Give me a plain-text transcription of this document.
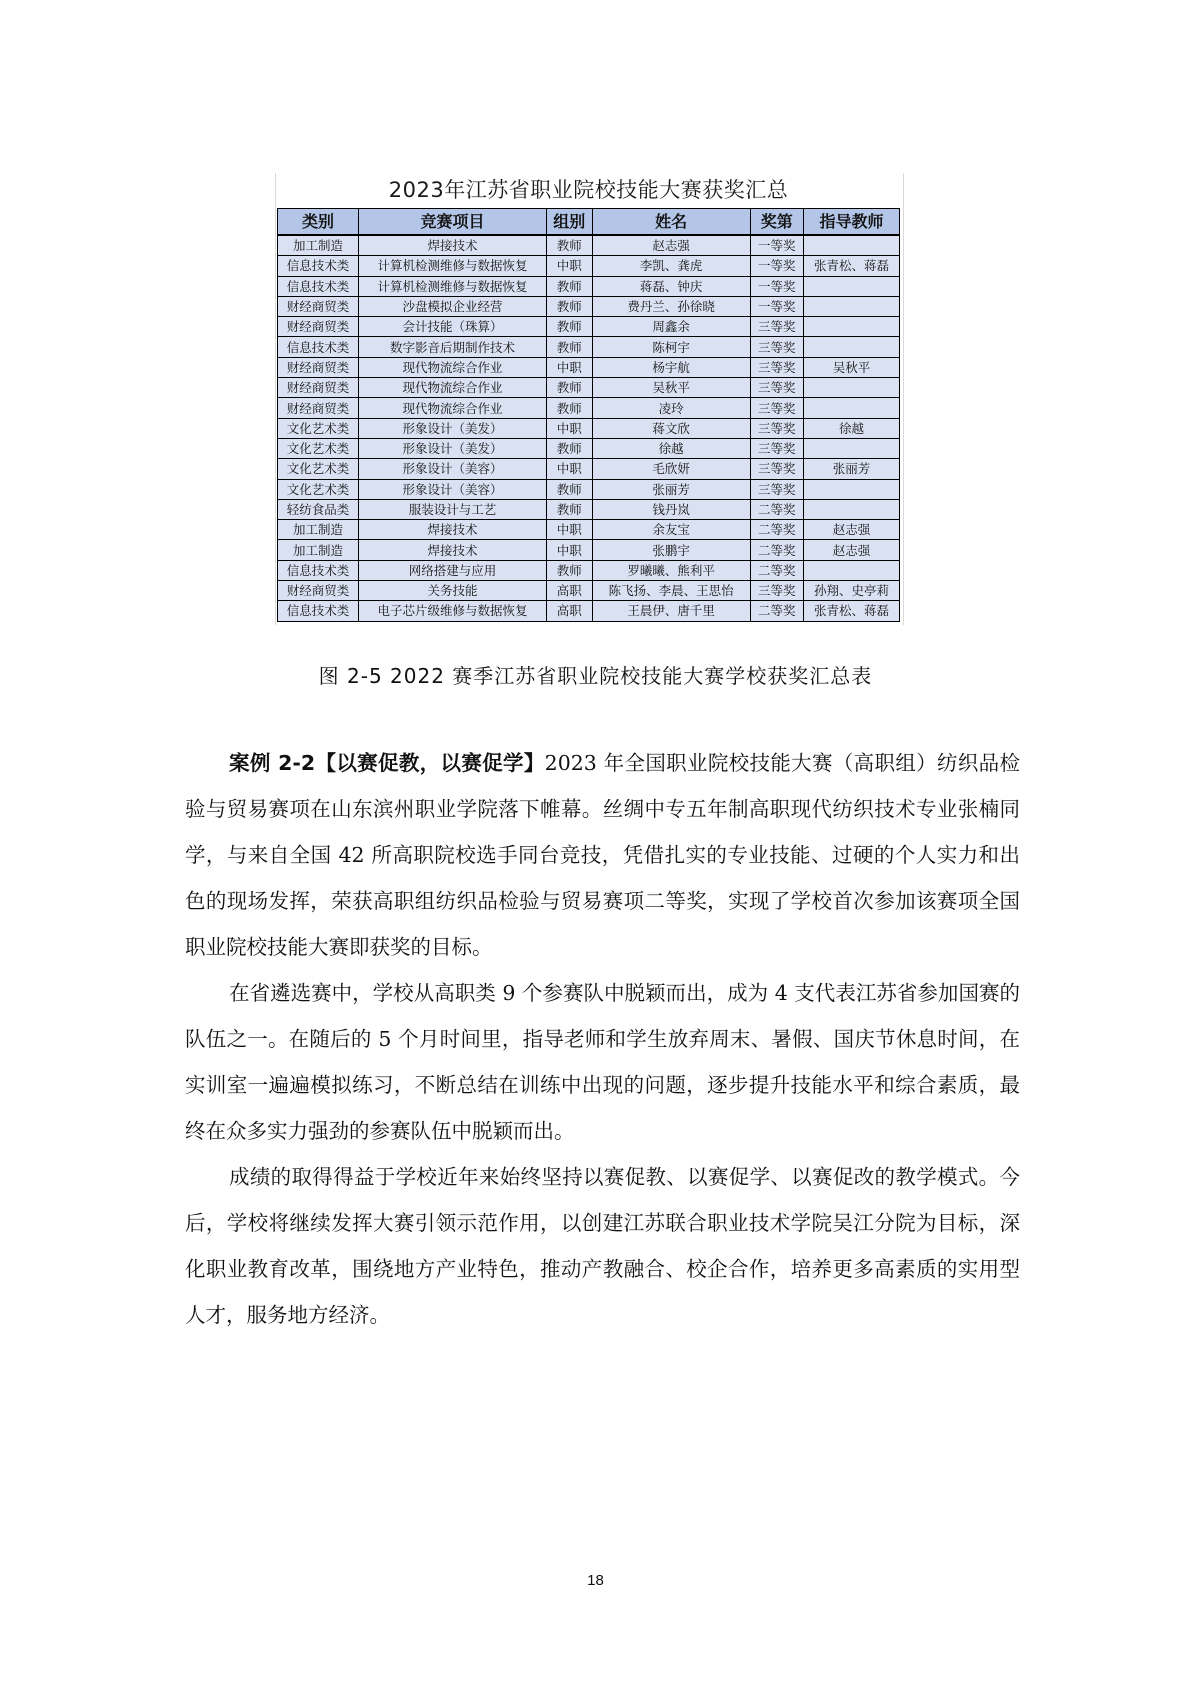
2023年江苏省职业院校技能大赛获奖汇总
类别	竞赛项目	组别	姓名	奖第	指导教师
加工制造	焊接技术	教师	赵志强	一等奖	
信息技术类	计算机检测维修与数据恢复	中职	李凯、龚虎	一等奖	张青松、蒋磊
信息技术类	计算机检测维修与数据恢复	教师	蒋磊、钟庆	一等奖	
财经商贸类	沙盘模拟企业经营	教师	费丹兰、孙徐晓	一等奖	
财经商贸类	会计技能（珠算）	教师	周鑫余	三等奖	
信息技术类	数字影音后期制作技术	教师	陈柯宇	三等奖	
财经商贸类	现代物流综合作业	中职	杨宇航	三等奖	吴秋平
财经商贸类	现代物流综合作业	教师	吴秋平	三等奖	
财经商贸类	现代物流综合作业	教师	凌玲	三等奖	
文化艺术类	形象设计（美发）	中职	蒋文欣	三等奖	徐越
文化艺术类	形象设计（美发）	教师	徐越	三等奖	
文化艺术类	形象设计（美容）	中职	毛欣妍	三等奖	张丽芳
文化艺术类	形象设计（美容）	教师	张丽芳	三等奖	
轻纺食品类	服装设计与工艺	教师	钱丹岚	二等奖	
加工制造	焊接技术	中职	余友宝	二等奖	赵志强
加工制造	焊接技术	中职	张鹏宇	二等奖	赵志强
信息技术类	网络搭建与应用	教师	罗曦曦、熊利平	二等奖	
财经商贸类	关务技能	高职	陈飞扬、李晨、王思怡	三等奖	孙翔、史亭莉
信息技术类	电子芯片级维修与数据恢复	高职	王晨伊、唐千里	二等奖	张青松、蒋磊
图 2-5 2022 赛季江苏省职业院校技能大赛学校获奖汇总表

案例 2-2【以赛促教，以赛促学】2023 年全国职业院校技能大赛（高职组）纺织品检验与贸易赛项在山东滨州职业学院落下帷幕。丝绸中专五年制高职现代纺织技术专业张楠同学，与来自全国 42 所高职院校选手同台竞技，凭借扎实的专业技能、过硬的个人实力和出色的现场发挥，荣获高职组纺织品检验与贸易赛项二等奖，实现了学校首次参加该赛项全国职业院校技能大赛即获奖的目标。

在省遴选赛中，学校从高职类 9 个参赛队中脱颖而出，成为 4 支代表江苏省参加国赛的队伍之一。在随后的 5 个月时间里，指导老师和学生放弃周末、暑假、国庆节休息时间，在实训室一遍遍模拟练习，不断总结在训练中出现的问题，逐步提升技能水平和综合素质，最终在众多实力强劲的参赛队伍中脱颖而出。

成绩的取得得益于学校近年来始终坚持以赛促教、以赛促学、以赛促改的教学模式。今后，学校将继续发挥大赛引领示范作用，以创建江苏联合职业技术学院吴江分院为目标，深化职业教育改革，围绕地方产业特色，推动产教融合、校企合作，培养更多高素质的实用型人才，服务地方经济。

18
